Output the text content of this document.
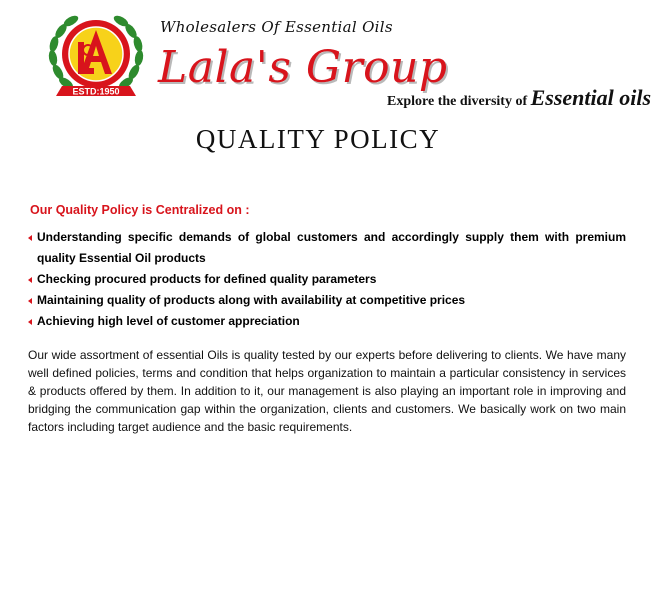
ESTD:1950
Wholesalers Of Essential Oils
Lala's Group
Explore the diversity of Essential oils
QUALITY POLICY
Our Quality Policy is Centralized on :
Understanding specific demands of global customers and accordingly supply them with premium quality Essential Oil products
Checking procured products for defined quality parameters
Maintaining quality of products along with availability at competitive prices
Achieving high level of customer appreciation

Our wide assortment of essential Oils is quality tested by our experts before delivering to clients. We have many well defined policies, terms and condition that helps organization to maintain a particular consistency in services & products offered by them. In addition to it, our management is also playing an important role in improving and bridging the communication gap within the organization, clients and customers. We basically work on two main factors including target audience and the basic requirements.
